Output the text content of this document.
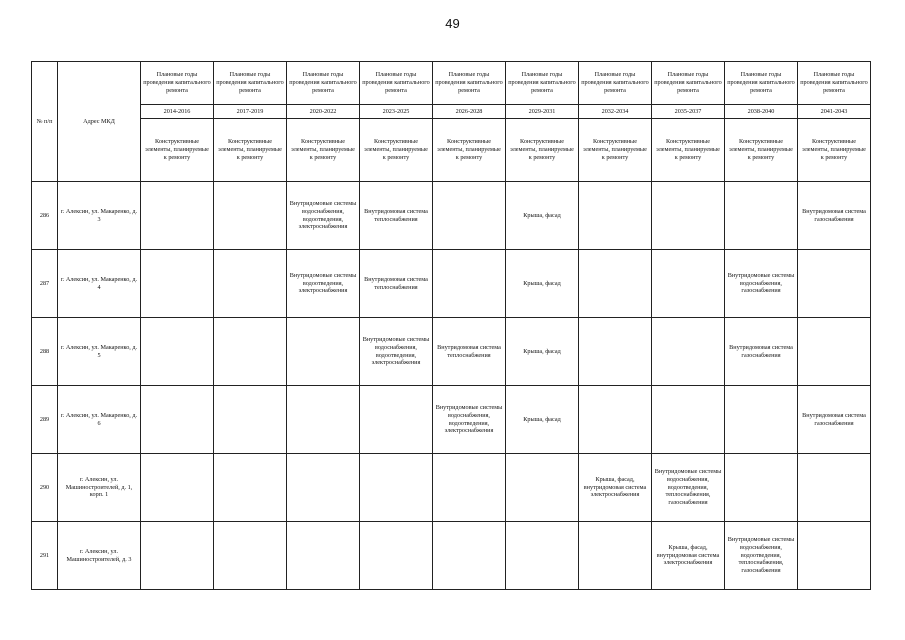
49
№ п/п	Адрес МКД	Плановые годы проведения капитального ремонта	Плановые годы проведения капитального ремонта	Плановые годы проведения капитального ремонта	Плановые годы проведения капитального ремонта	Плановые годы проведения капитального ремонта	Плановые годы проведения капитального ремонта	Плановые годы проведения капитального ремонта	Плановые годы проведения капитального ремонта	Плановые годы проведения капитального ремонта	Плановые годы проведения капитального ремонта
		2014-2016	2017-2019	2020-2022	2023-2025	2026-2028	2029-2031	2032-2034	2035-2037	2038-2040	2041-2043
		Конструктивные элементы, планируемые к ремонту	Конструктивные элементы, планируемые к ремонту	Конструктивные элементы, планируемые к ремонту	Конструктивные элементы, планируемые к ремонту	Конструктивные элементы, планируемые к ремонту	Конструктивные элементы, планируемые к ремонту	Конструктивные элементы, планируемые к ремонту	Конструктивные элементы, планируемые к ремонту	Конструктивные элементы, планируемые к ремонту	Конструктивные элементы, планируемые к ремонту
286	г. Алексин, ул. Макаренко, д. 3			Внутридомовые системы водоснабжения, водоотведения, электроснабжения	Внутридомовая система теплоснабжения		Крыша, фасад				Внутридомовая система газоснабжения
287	г. Алексин, ул. Макаренко, д. 4			Внутридомовые системы водоотведения, электроснабжения	Внутридомовая система теплоснабжения		Крыша, фасад			Внутридомовые системы водоснабжения, газоснабжения	
288	г. Алексин, ул. Макаренко, д. 5				Внутридомовые системы водоснабжения, водоотведения, электроснабжения	Внутридомовая система теплоснабжения	Крыша, фасад			Внутридомовая система газоснабжения	
289	г. Алексин, ул. Макаренко, д. 6					Внутридомовые системы водоснабжения, водоотведения, электроснабжения	Крыша, фасад				Внутридомовая система газоснабжения
290	г. Алексин, ул. Машиностроителей, д. 1, корп. 1							Крыша, фасад, внутридомовая система электроснабжения	Внутридомовые системы водоснабжения, водоотведения, теплоснабжения, газоснабжения		
291	г. Алексин, ул. Машиностроителей, д. 3								Крыша, фасад, внутридомовая система электроснабжения	Внутридомовые системы водоснабжения, водоотведения, теплоснабжения, газоснабжения	
